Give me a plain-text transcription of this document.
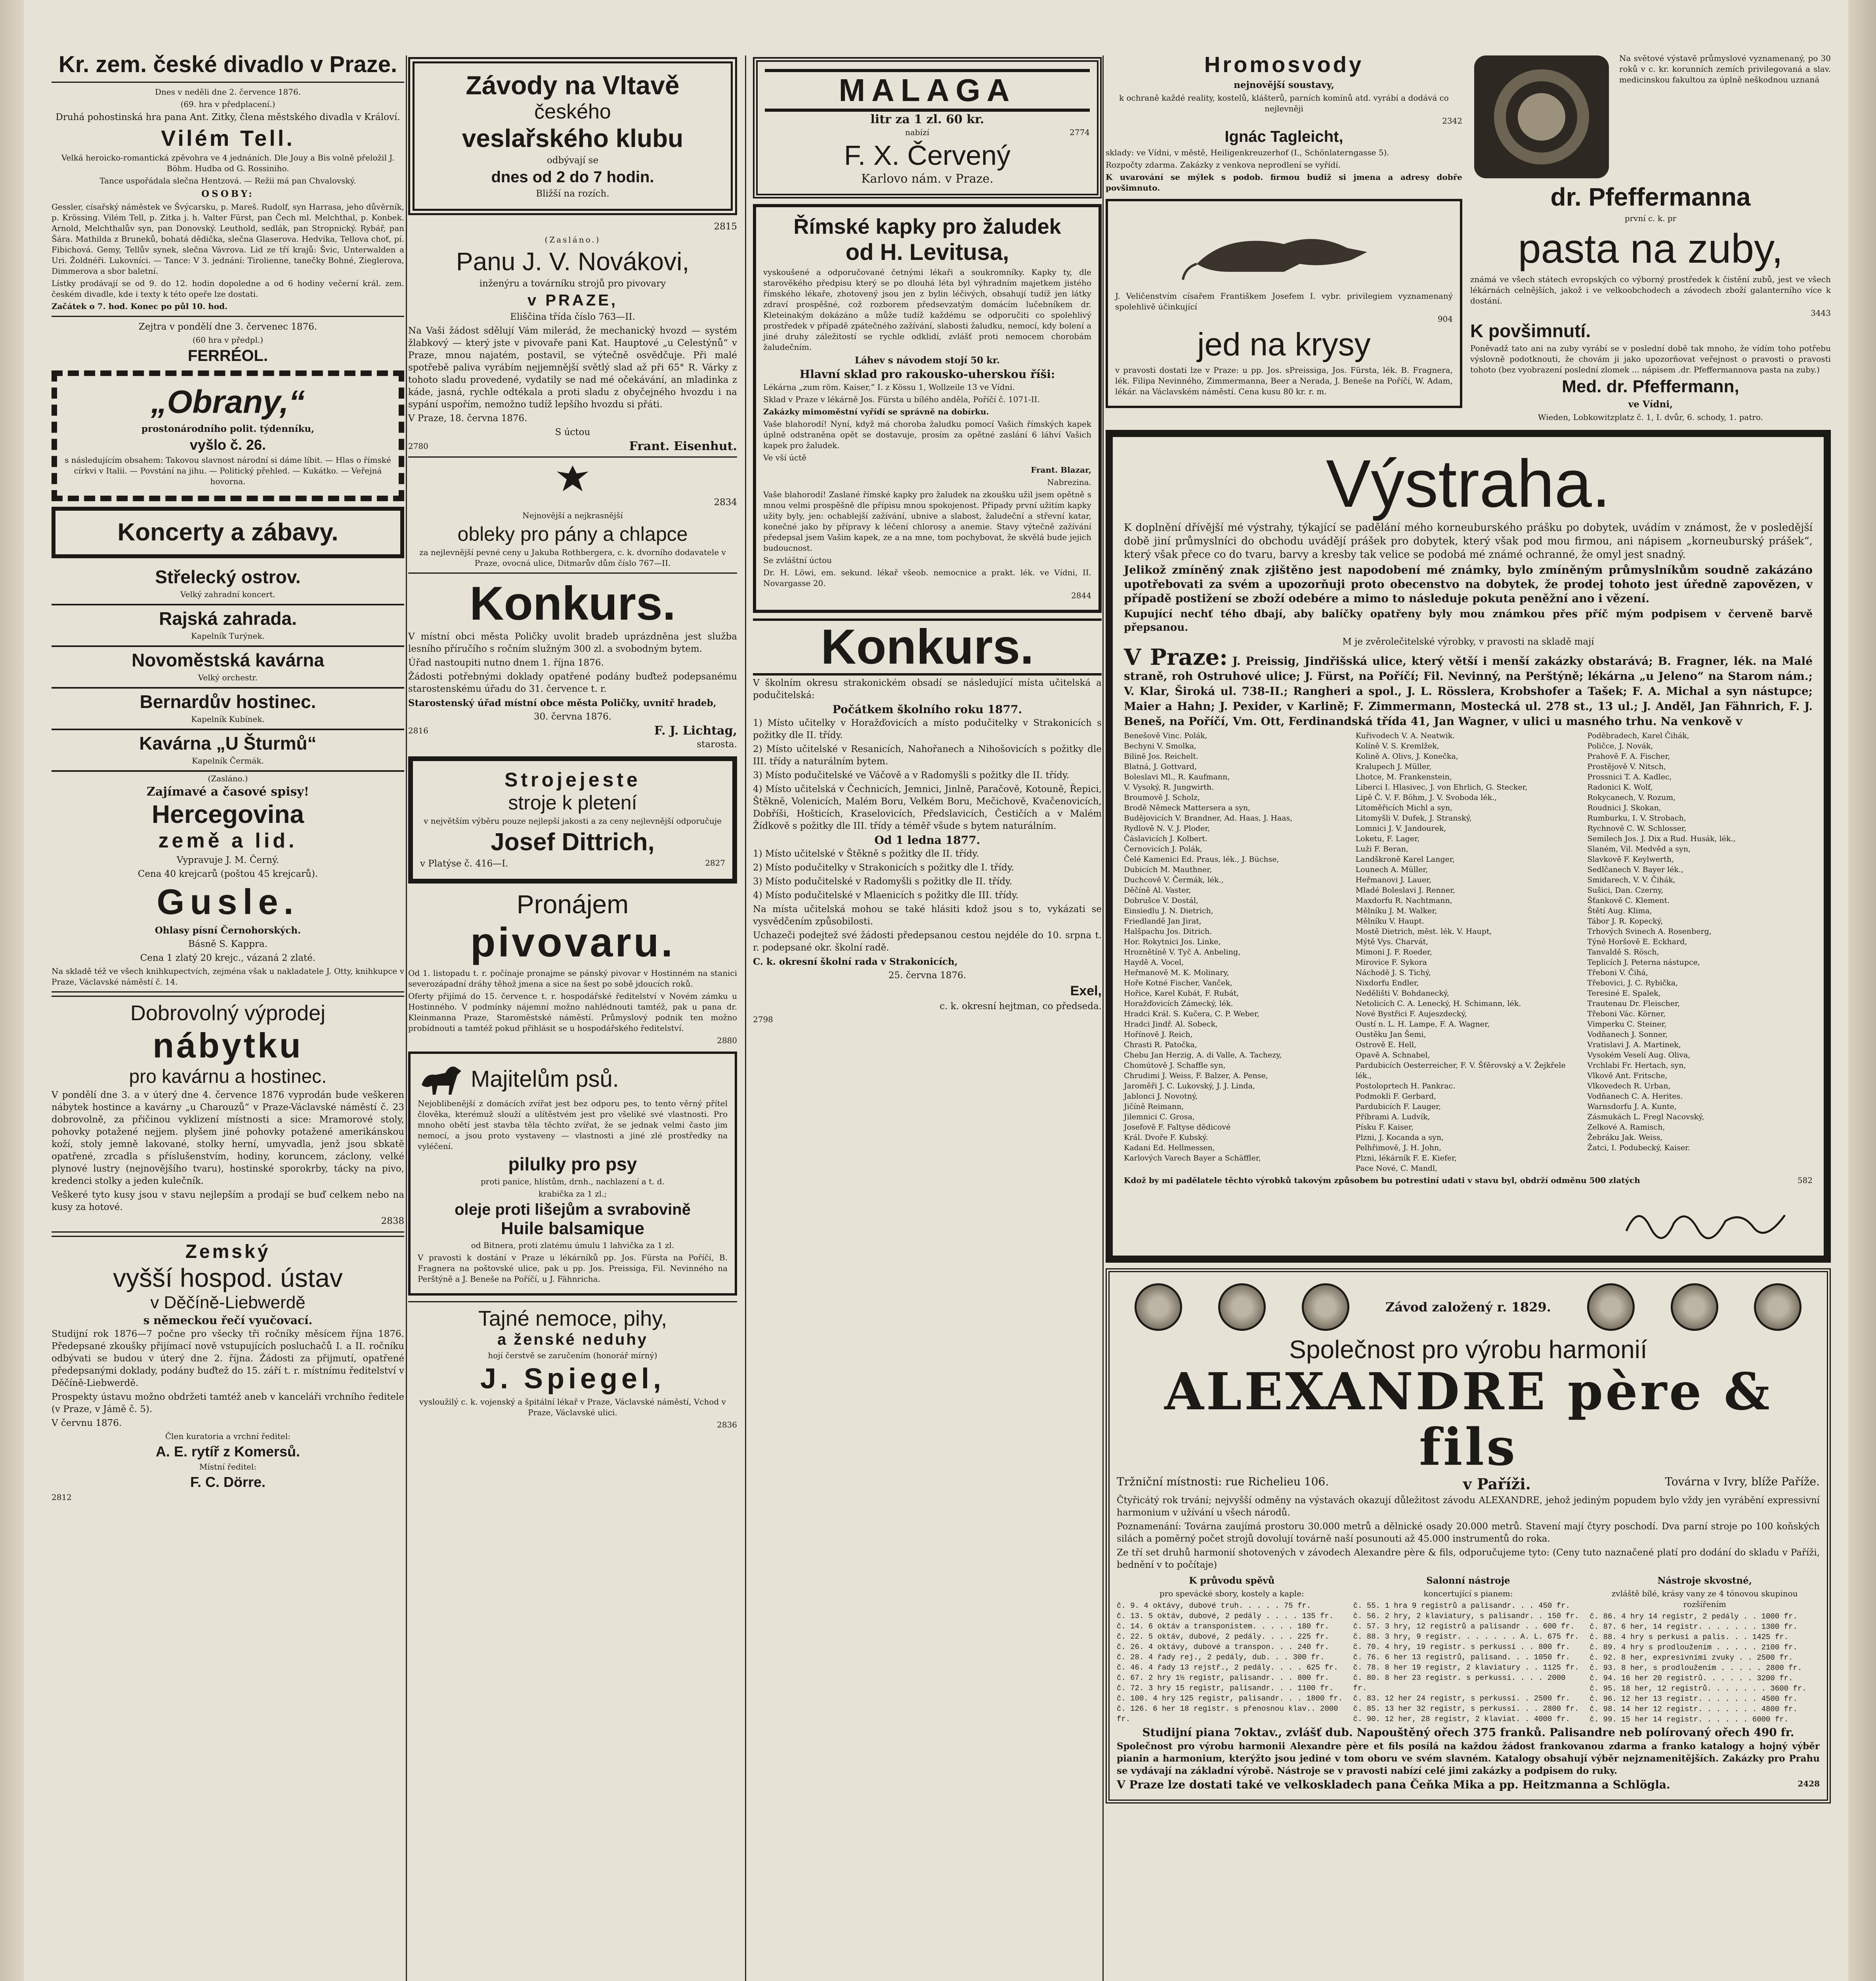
Kr. zem. české divadlo v Praze.
Dnes v neděli dne 2. července 1876.
(69. hra v předplacení.)
Druhá pohostinská hra pana Ant. Zitky, člena městského divadla v Královí.
Vilém Tell.
Velká heroicko-romantická zpěvohra ve 4 jednáních. Dle Jouy a Bis volně přeložil J. Böhm. Hudba od G. Rossiniho.
Tance uspořádala slečna Hentzová. — Režii má pan Chvalovský.
OSOBY:
Gessler, císařský náměstek ve Švýcarsku, p. Mareš. Rudolf, syn Harrasa, jeho důvěrník, p. Krössing. Vilém Tell, p. Zitka j. h. Valter Fürst, pan Čech ml. Melchthal, p. Konbek. Arnold, Melchthalův syn, pan Donovský. Leuthold, sedlák, pan Stropnický. Rybář, pan Šára. Mathilda z Bruneků, bohatá dědička, slečna Glaserova. Hedvika, Tellova choť, pí. Fibichová. Gemy, Tellův synek, slečna Vávrova. Lid ze tří krajů: Švic, Unterwalden a Uri. Žoldnéři. Lukovníci. — Tance: V 3. jednání: Tirolienne, tanečky Bohné, Zieglerova, Dimmerova a sbor baletní.
Lístky prodávají se od 9. do 12. hodin dopoledne a od 6 hodiny večerní král. zem. českém divadle, kde i texty k této opeře lze dostati.
Začátek o 7. hod. Konec po půl 10. hod.
Zejtra v pondělí dne 3. červenec 1876.
(60 hra v předpl.)
FERRÉOL.
„Obrany,“
prostonárodního polit. týdenníku,
vyšlo č. 26.
s následujícím obsahem: Takovou slavnost národní si dáme líbit. — Hlas o římské církvi v Italii. — Povstání na jihu. — Politický přehled. — Kukátko. — Veřejná hovorna.
Koncerty a zábavy.
Střelecký ostrov.
Velký zahradní koncert.
Rajská zahrada.
Kapelník Turýnek.
Novoměstská kavárna
Velký orchestr.
Bernardův hostinec.
Kapelník Kubínek.
Kavárna „U Šturmů“
Kapelník Čermák.
(Zasláno.)
Zajímavé a časové spisy!
Hercegovina
země a lid.
Vypravuje J. M. Černý.
Cena 40 krejcarů (poštou 45 krejcarů).
Gusle.
Ohlasy písní Černohorských.
Básně S. Kappra.
Cena 1 zlatý 20 krejc., vázaná 2 zlaté.
Na skladě též ve všech knihkupectvích, zejména však u nakladatele J. Otty, knihkupce v Praze, Václavské náměstí č. 14.
Dobrovolný výprodej
nábytku
pro kavárnu a hostinec.
V pondělí dne 3. a v úterý dne 4. července 1876 vyprodán bude veškeren nábytek hostince a kavárny „u Charouzů“ v Praze-Václavské náměstí č. 23 dobrovolně, za přičinou vyklizení místnosti a sice: Mramorové stoly, pohovky potažené nejjem. plyšem jiné pohovky potažené amerikánskou koží, stoly jemně lakované, stolky herní, umyvadla, jenž jsou sbkatě opatřené, zrcadla s příslušenstvím, hodiny, koruncem, záclony, velké plynové lustry (nejnovějšího tvaru), hostinské sporokrby, tácky na pivo, kredenci stolky a jeden kulečník.
Veškeré tyto kusy jsou v stavu nejlepším a prodají se buď celkem nebo na kusy za hotové.
2838
Zemský
vyšší hospod. ústav
v Děčíně-Liebwerdě
s německou řečí vyučovací.
Studijní rok 1876—7 počne pro všecky tři ročníky měsícem října 1876. Předepsané zkoušky přijímací nově vstupujících posluchačů I. a II. ročníku odbývati se budou v úterý dne 2. října. Žádosti za přijmutí, opatřené předepsanými doklady, podány buďtež do 15. září t. r. místnímu ředitelství v Děčíně-Liebwerdě.
Prospekty ústavu možno obdržeti tamtéž aneb v kanceláři vrchního ředitele (v Praze, v Jámě č. 5).
V červnu 1876.
Člen kuratoria a vrchní ředitel:
A. E. rytíř z Komersů.
Místní ředitel:
F. C. Dörre.
2812
Závody na Vltavě
českého
veslařského klubu
odbývají se
dnes od 2 do 7 hodin.
Bližší na rozích.
2815
(Zasláno.)
Panu J. V. Novákovi,
inženýru a továrníku strojů pro pivovary
v PRAZE,
Eliščina třída číslo 763—II.
Na Vaši žádost sdělují Vám milerád, že mechanický hvozd — systém žlabkový — který jste v pivovaře pani Kat. Hauptové „u Celestýnů“ v Praze, mnou najatém, postavil, se výtečně osvědčuje. Při malé spotřebě paliva vyrábím nejjemnější světlý slad až při 65° R. Várky z tohoto sladu provedené, vydatily se nad mé očekávání, an mladinka z káde, jasná, rychle odtékala a proti sladu z obyčejného hvozdu i na sypání uspořím, nemožno tudíž lepšího hvozdu si přáti.
V Praze, 18. června 1876.
S úctou
2780	Frant. Eisenhut.
2834
Nejnovější a nejkrasnější
obleky pro pány a chlapce
za nejlevnější pevné ceny u Jakuba Rothbergera, c. k. dvorního dodavatele v Praze, ovocná ulice, Ditmarův dům číslo 767—II.
Konkurs.
V místní obci města Poličky uvolit bradeb uprázdněna jest služba lesního příručího s ročním služným 300 zl. a svobodným bytem.
Úřad nastoupiti nutno dnem 1. října 1876.
Žádosti potřebnými doklady opatřené podány buďtež podepsanému starostenskému úřadu do 31. července t. r.
Starostenský úřad místní obce města Poličky, uvnitř hradeb,
30. června 1876.
2816	F. J. Lichtag,
starosta.
Strojejeste
stroje k pletení
v největším výběru pouze nejlepší jakosti a za ceny nejlevnější odporučuje
Josef Dittrich,
v Platýse č. 416—I.	2827
Pronájem
pivovaru.
Od 1. listopadu t. r. počínaje pronajme se pánský pivovar v Hostinném na stanici severozápadní dráhy těhož jmena a sice na šest po sobě jdoucích roků.
Oferty přijímá do 15. července t. r. hospodářské ředitelství v Novém zámku u Hostinného. V podmínky nájemní možno nahlédnouti tamtéž, pak u pana dr. Kleinmanna Praze, Staroměstské náměstí. Průmyslový podnik ten možno probídnouti a tamtéž pokud přihlásit se u hospodářského ředitelství.
2880
Majitelům psů.
Nejoblibenější z domácích zvířat jest bez odporu pes, to tento věrný přítel člověka, kterémuž slouží a ulítěstvém jest pro všeliké své vlastnosti. Pro mnoho obětí jest stavba těla těchto zvířat, že se jednak velmi často jim nemocí, a jsou proto vystaveny — vlastnosti a jiné zlé prostředky na vyléčení.
pilulky pro psy
proti panice, hlístům, drnh., nachlazení a t. d.
krabička za 1 zl.;
oleje proti lišejům a svrabovině
Huile balsamique
od Bitnera, proti zlatému úmulu 1 lahvička za 1 zl.
V pravosti k dostání v Praze u lékárníků pp. Jos. Fürsta na Poříčí, B. Fragnera na poštovské ulice, pak u pp. Jos. Preissiga, Fil. Nevinného na Perštýně a J. Beneše na Poříčí, u J. Fähnricha.
Tajné nemoce, pihy,
a ženské neduhy
hojí čerstvě se zaručením (honorář mírný)
J. Spiegel,
vysloužilý c. k. vojenský a špitální lékař v Praze, Václavské náměstí, Vchod v Praze, Václavské ulici.
2836
MALAGA
litr za 1 zl. 60 kr.
nabízí	2774
F. X. Červený
Karlovo nám. v Praze.
Římské kapky pro žaludek
od H. Levitusa,
vyskoušené a odporučované četnými lékaři a soukromníky. Kapky ty, dle starověkého předpisu který se po dlouhá léta byl výhradním majetkem jistého římského lékaře, zhotovený jsou jen z bylin léčivých, obsahují tudíž jen látky zdraví prospěšné, což rozborem předsevzatým domácím lučebníkem dr. Kleteinakým dokázáno a může tudíž každému se odporučiti co spolehlivý prostředek v případě zpátečného zažívání, slabosti žaludku, nemocí, kdy bolení a jiné druhy záležitostí se rychle odklidí, zvlášť proti nemocem chorobám žaludečním.
Láhev s návodem stojí 50 kr.
Hlavní sklad pro rakousko-uherskou říši:
Lékárna „zum röm. Kaiser,“ I. z Kössu 1, Wollzeile 13 ve Vídni.
Sklad v Praze v lékárně Jos. Fürsta u bílého anděla, Poříčí č. 1071-II.
Zakázky mimoměstní vyřídí se správně na dobírku.
Vaše blahorodí! Nyní, když má choroba žaludku pomocí Vašich římských kapek úplně odstraněna opět se dostavuje, prosím za opětné zaslání 6 láhví Vašich kapek pro žaludek.
Ve vší úctě
Frant. Blazar,
Nabrezina.
Vaše blahorodí! Zaslané římské kapky pro žaludek na zkoušku užil jsem opětně s mnou velmi prospěšně dle přípisu mnou spokojenost. Připady první užitím kapky užity byly, jen: ochablejší zažívání, ubnive a slabost, žaludeční a střevní katar, konečné jako by přípravy k léčení chlorosy a anemie. Stavy výtečně zažívání předepsal jsem Vašim kapek, ze a na mne, tom pochybovat, že skvělá bude jejich budoucnost.
Se zvláštní úctou
Dr. H. Löwi, em. sekund. lékař všeob. nemocnice a prakt. lék. ve Vídni, II. Novargasse 20.
2844
Konkurs.
V školním okresu strakonickém obsadí se následující místa učitelská a podučitelská:
Počátkem školního roku 1877.
1) Místo učitelky v Horažďovicích a místo podučitelky v Strakonicích s požitky dle II. třídy.
2) Místo učitelské v Resanicích, Nahořanech a Nihošovicích s požitky dle III. třídy a naturálním bytem.
3) Místo podučitelské ve Váčově a v Radomyšli s požitky dle II. třídy.
4) Místo učitelská v Čechnicích, Jemnici, Jinlně, Paračově, Kotouně, Řepici, Štěkně, Volenicích, Malém Boru, Velkém Boru, Mečichově, Kvačenovicích, Dobříši, Hošticích, Kraselovicích, Předslavicích, Čestičích a v Malém Žídkově s požitky dle III. třídy a téměř všude s bytem naturálním.
Od 1 ledna 1877.
1) Místo učitelské v Štěkně s požitky dle II. třídy.
2) Místo podučitelky v Strakonicích s požitky dle I. třídy.
3) Místo podučitelské v Radomyšli s požitky dle II. třídy.
4) Místo podučitelské v Mlaenicích s požitky dle III. třídy.
Na místa učitelská mohou se také hlásiti kdož jsou s to, vykázati se vysvědčením způsobilosti.
Uchazeči podejtež své žádosti předepsanou cestou nejdéle do 10. srpna t. r. podepsané okr. školní radě.
C. k. okresní školní rada v Strakonicích,
25. června 1876.
Exel,
c. k. okresní hejtman, co předseda.
2798
Hromosvody
nejnovější soustavy,
k ochraně každé reality, kostelů, klášterů, parních komínů atd. vyrábí a dodává co nejlevněji
2342
Ignác Tagleicht,
sklady: ve Vídni, v městě, Heiligenkreuzerhof (I., Schönlaterngasse 5).
Rozpočty zdarma. Zakázky z venkova neprodlení se vyřídí.
K uvarování se mýlek s podob. firmou budiž si jmena a adresy dobře povšimnuto.
J. Veličenstvím císařem Františkem Josefem I. vybr. privilegiem vyznamenaný spolehlivě účinkující
904
jed na krysy
v pravosti dostati lze v Praze: u pp. Jos. sPreissiga, Jos. Fürsta, lék. B. Fragnera, lék. Filipa Nevinného, Zimmermanna, Beer a Nerada, J. Beneše na Poříčí, W. Adam, lékár. na Václavském náměstí. Cena kusu 80 kr. r. m.
Na světové výstavě průmyslové vyznamenaný, po 30 roků v c. kr. korunních zemích privilegovaná a slav. medicinskou fakultou za úplně neškodnou uznaná
dr. Pfeffermanna
první c. k. pr
pasta na zuby,
známá ve všech státech evropských co výborný prostředek k čistění zubů, jest ve všech lékárnách celnějších, jakož i ve velkoobchodech a závodech zboží galanterního více k dostání.
3443
K povšimnutí.
Poněvadž tato ani na zuby vyrábí se v poslední době tak mnoho, že vídím toho potřebu výslovně podotknouti, že chovám ji jako upozorňovat veřejnost o pravosti o pravosti tohoto (bez vyobrazení poslední zlomek ... nápisem .dr. Pfeffermannova pasta na zuby.)
Med. dr. Pfeffermann,
ve Vídni,
Wieden, Lobkowitzplatz č. 1, I. dvůr, 6. schody, 1. patro.
Výstraha.
K doplnění dřívější mé výstrahy, týkající se padělání mého korneuburského prášku po dobytek, uvádím v známost, že v posledější době jiní průmyslníci do obchodu uvádějí prášek pro dobytek, který však pod mou firmou, ani nápisem „korneuburský prášek“, který však přece co do tvaru, barvy a kresby tak velice se podobá mé známé ochranné, že omyl jest snadný.
Jelikož zmíněný znak zjištěno jest napodobení mé známky, bylo zmíněným průmyslníkům soudně zakázáno upotřebovati za svém a upozorňuji proto obecenstvo na dobytek, že prodej tohoto jest úředně zapovězen, v případě postižení se zboží odebére a mimo to následuje pokuta peněžní ano i vězení.
Kupující nechť tého dbají, aby balíčky opatřeny byly mou známkou přes příč mým podpisem v červeně barvě přepsanou.
M je zvěrolečitelské výrobky, v pravosti na skladě mají
V Praze: J. Preissig, Jindřišská ulice, který větší i menší zakázky obstarává; B. Fragner, lék. na Malé straně, roh Ostruhové ulice; J. Fürst, na Poříčí; Fil. Nevinný, na Perštýně; lékárna „u Jeleno“ na Starom nám.; V. Klar, Široká ul. 738-II.; Rangheri a spol., J. L. Rösslera, Krobshofer a Tašek; F. A. Michal a syn nástupce; Maier a Hahn; J. Pexider, v Karlině; F. Zimmermann, Mostecká ul. 278 st., 13 ul.; J. Anděl, Jan Fähnrich, F. J. Beneš, na Poříčí, Vm. Ott, Ferdinandská třída 41, Jan Wagner, v ulici u masného trhu. Na venkově v
Benešově Vinc. Polák,
Bechyni V. Smolka,
Bilině Jos. Reichelt.
Blatná, J. Gottvard,
Boleslavi Ml., R. Kaufmann,
V. Vysoký, R. Jungwirth.
Broumově J. Scholz,
Brodě Německ Mattersera a syn,
Budějovicích V. Brandner, Ad. Haas, J. Haas,
Rydlově N. V. J. Ploder,
Čáslavicích J. Kolbert.
Černovicích J. Polák,
Čelé Kamenici Ed. Praus, lék., J. Büchse,
Dubicích M. Mauthner,
Duchcově V. Čermák, lék.,
Děčíně Al. Vaster,
Dobrušce V. Dostál,
Einsiedlu J. N. Dietrich,
Friedlandě Jan Jirat,
Halšpachu Jos. Ditrich.
Hor. Rokytnici Jos. Linke,
Hroznětíně V. Tyč A. Anbeling,
Haydě A. Vocel,
Heřmanově M. K. Molinary,
Hoře Kotné Fischer, Vanček,
Hořice, Karel Kubát, F. Rubát,
Horažďovicích Zámecký, lék.
Hradci Král. S. Kučera, C. P. Weber,
Hradci Jindř. Al. Sobeck,
Hořínově J. Reich,
Chrasti R. Patočka,
Chebu Jan Herzig, A. di Valle, A. Tachezy,
Chomútově J. Schaffle syn,
Chrudimi J. Weiss, F. Balzer, A. Pense,
Jaroměři J. C. Lukovský, J. J. Linda,
Jablonci J. Novotný,
Jičíně Reimann,
Jilemnici C. Grosa,
Josefově F. Faltyse dědicové
Král. Dvoře F. Kubský.
Kadani Ed. Hellmessen,
Karlových Varech Bayer a Schäffler,
Kuřivodech V. A. Neatwik.
Kolíně V. S. Kremlžek,
Kolině A. Olivs, J. Konečka,
Kralupech J. Müller,
Lhotce, M. Frankenstein,
Liberci I. Hlasivec, J. von Ehrlich, G. Stecker,
Lipě Č. V. F. Böhm, J. V. Svoboda lék.,
Litoměřicích Michl a syn,
Litomyšli V. Dufek, J. Stranský,
Lomnici J. V. Jandourek,
Loketu, F. Lager,
Luži F. Beran,
Landškroně Karel Langer,
Lounech A. Müller,
Heřmanovi J. Lauer,
Mladé Boleslavi J. Renner,
Maxdorfu R. Nachtmann,
Mělníku J. M. Walker,
Mělníku V. Haupt.
Mostě Dietrich, měst. lék. V. Haupt,
Mýtě Vys. Charvát,
Mimoni J. F. Roeder,
Mirovice F. Sykora
Náchodě J. S. Tichý,
Nixdorfu Endler,
Nedělišti V. Bohdanecký,
Netolicích C. A. Lenecký, H. Schimann, lék.
Nové Bystřici F. Aujeszdecký,
Oustí n. L. H. Lampe, F. A. Wagner,
Oustěku Jan Šemi,
Ostrově E. Hell,
Opavě A. Schnabel,
Pardubicích Oesterreicher, F. V. Šťěrovský a V. Žejkřele lék.,
Postoloprtech H. Pankrac.
Podmokli F. Gerbard,
Pardubicích F. Lauger,
Příbrami A. Ludvík,
Písku F. Kaiser,
Plzni, J. Kocanda a syn,
Pelhřimově, J. H. John,
Plzni, lékárník F. E. Kiefer,
Pace Nové, C. Mandl,
Poděbradech, Karel Čihák,
Poličce, J. Novák,
Prahově F. A. Fischer,
Prostějově V. Nitsch,
Prossnici T. A. Kadlec,
Radonici K. Wolf,
Rokycanech, V. Rozum,
Roudnici J. Skokan,
Rumburku, I. V. Strobach,
Rychnově C. W. Schlosser,
Semilech Jos. J. Dix a Rud. Husák, lék.,
Slaném, Vil. Medvěd a syn,
Slavkově F. Keylwerth,
Sedlčanech V. Bayer lék.,
Smidarech, V. V. Čihák,
Sušici, Dan. Czerny,
Šťankově C. Klement.
Štětí Aug. Klima,
Tábor J. R. Kopecký,
Trhových Svinech A. Rosenberg,
Týně Horšově E. Eckhard,
Tanvaldě S. Rösch,
Teplicích J. Peterna nástupce,
Třeboni V. Čihá,
Třebovici, J. C. Rybička,
Teresiné E. Spalek,
Trautenau Dr. Fleischer,
Třeboni Vác. Körner,
Vimperku C. Steiner,
Vodňanech J. Sonner,
Vratislavi J. A. Martinek,
Vysokém Veselí Aug. Oliva,
Vrchlabi Fr. Hertach, syn,
Vlkově Ant. Fritsche,
Vlkovedech R. Urban,
Vodňanech C. A. Herites.
Warnsdorfu J. A. Kunte,
Zásmukách L. Fregl Nacovský,
Zelkové A. Ramisch,
Žebráku Jak. Weiss,
Žatci, I. Podubecký, Kaiser.
Kdož by mi padělatele těchto výrobků takovým způsobem bu potrestiní udati v stavu byl, obdrží odměnu 500 zlatých	582
Závod založený r. 1829.
Společnost pro výrobu harmonií
ALEXANDRE père & fils
Tržniční místnosti: rue Richelieu 106.	v Paříži.	Továrna v Ivry, blíže Paříže.
Čtyřicátý rok trvání; nejvyšší odměny na výstavách okazují důležitost závodu ALEXANDRE, jehož jediným popudem bylo vždy jen vyrábění expressivní harmonium v užívání u všech národů.
Poznamenání: Továrna zaujímá prostoru 30.000 metrů a dělnické osady 20.000 metrů. Stavení mají čtyry poschodí. Dva parní stroje po 100 koňských silách a poměrný počet strojů dovolují továrně naší posunouti až 45.000 instrumentů do roka.
Ze tří set druhů harmonií shotovených v závodech Alexandre père & fils, odporučujeme tyto: (Ceny tuto naznačené platí pro dodání do skladu v Paříži, bednění v to počítaje)
K průvodu spěvů
pro spevácké sbory, kostely a kaple:
č. 9. 4 oktávy, dubové truh. . . . . 75 fr.
č. 13. 5 oktáv, dubové, 2 pedály . . . . 135 fr.
č. 14. 6 oktáv a transponistem. . . . . 180 fr.
č. 22. 5 oktáv, dubové, 2 pedály. . . . 225 fr.
č. 26. 4 oktávy, dubové a transpon. . . 240 fr.
č. 28. 4 řady rej., 2 pedály, dub. . . 300 fr.
č. 46. 4 řady 13 rejstř., 2 pedály. . . . 625 fr.
č. 67. 2 hry 1½ registr, palisandr. . . 800 fr.
č. 72. 3 hry 15 registr, palisandr. . . 1100 fr.
č. 100. 4 hry 125 registr, palisandr. . . 1800 fr.
č. 126. 6 her 18 registr. s přenosnou klav.. 2000 fr.
Salonní nástroje
koncertující s pianem:
č. 55. 1 hra 9 registrů a palisandr. . . 450 fr.
č. 56. 2 hry, 2 klaviatury, s palisandr. . 150 fr.
č. 57. 3 hry, 12 registrů a palisandr . . 600 fr.
č. 88. 3 hry, 9 registr. . . . . . . A. L. 675 fr.
č. 70. 4 hry, 19 registr. s perkussí . . 800 fr.
č. 76. 6 her 13 registrů, palisand. . . 1050 fr.
č. 78. 8 her 19 registr, 2 klaviatury . . 1125 fr.
č. 80. 8 her 23 registr. s perkussí. . . . 2000 fr.
č. 83. 12 her 24 registr, s perkussí. . 2500 fr.
č. 85. 13 her 32 registr, s perkussí. . . 2800 fr.
č. 90. 12 her, 28 registr, 2 klaviat. . 4000 fr.
Nástroje skvostné,
zvláště bílé, krásy vany ze 4 tónovou skupinou rozšířením
č. 86. 4 hry 14 registr, 2 pedály . . 1000 fr.
č. 87. 6 her, 14 registr. . . . . . . 1300 fr.
č. 88. 4 hry s perkusí a palis. . . 1425 fr.
č. 89. 4 hry s prodloužením . . . . . 2100 fr.
č. 92. 8 her, expresivními zvuky . . 2500 fr.
č. 93. 8 her, s prodloužením . . . . . 2800 fr.
č. 94. 16 her 20 registrů. . . . . . 3200 fr.
č. 95. 18 her, 12 registrů. . . . . . . 3600 fr.
č. 96. 12 her 13 registr. . . . . . . 4500 fr.
č. 98. 14 her 12 registr. . . . . . . 4800 fr.
č. 99. 15 her 14 registr. . . . . . 6000 fr.
Studijní piana 7oktav., zvlášť dub. Napouštěný ořech 375 franků. Palisandre neb polírovaný ořech 490 fr.
Společnost pro výrobu harmonii Alexandre père et fils posílá na každou žádost frankovanou zdarma a franko katalogy a hojný výběr pianin a harmonium, kterýžto jsou jediné v tom oboru ve svém slavném. Katalogy obsahují výběr nejznamenitějších. Zakázky pro Prahu se vydávají na základní výrobě. Nástroje se v pravosti nabízí celé jimi zakázky a podpisem do ruky.
V Praze lze dostati také ve velkoskladech pana Čeňka Mika a pp. Heitzmanna a Schlögla.	2428
